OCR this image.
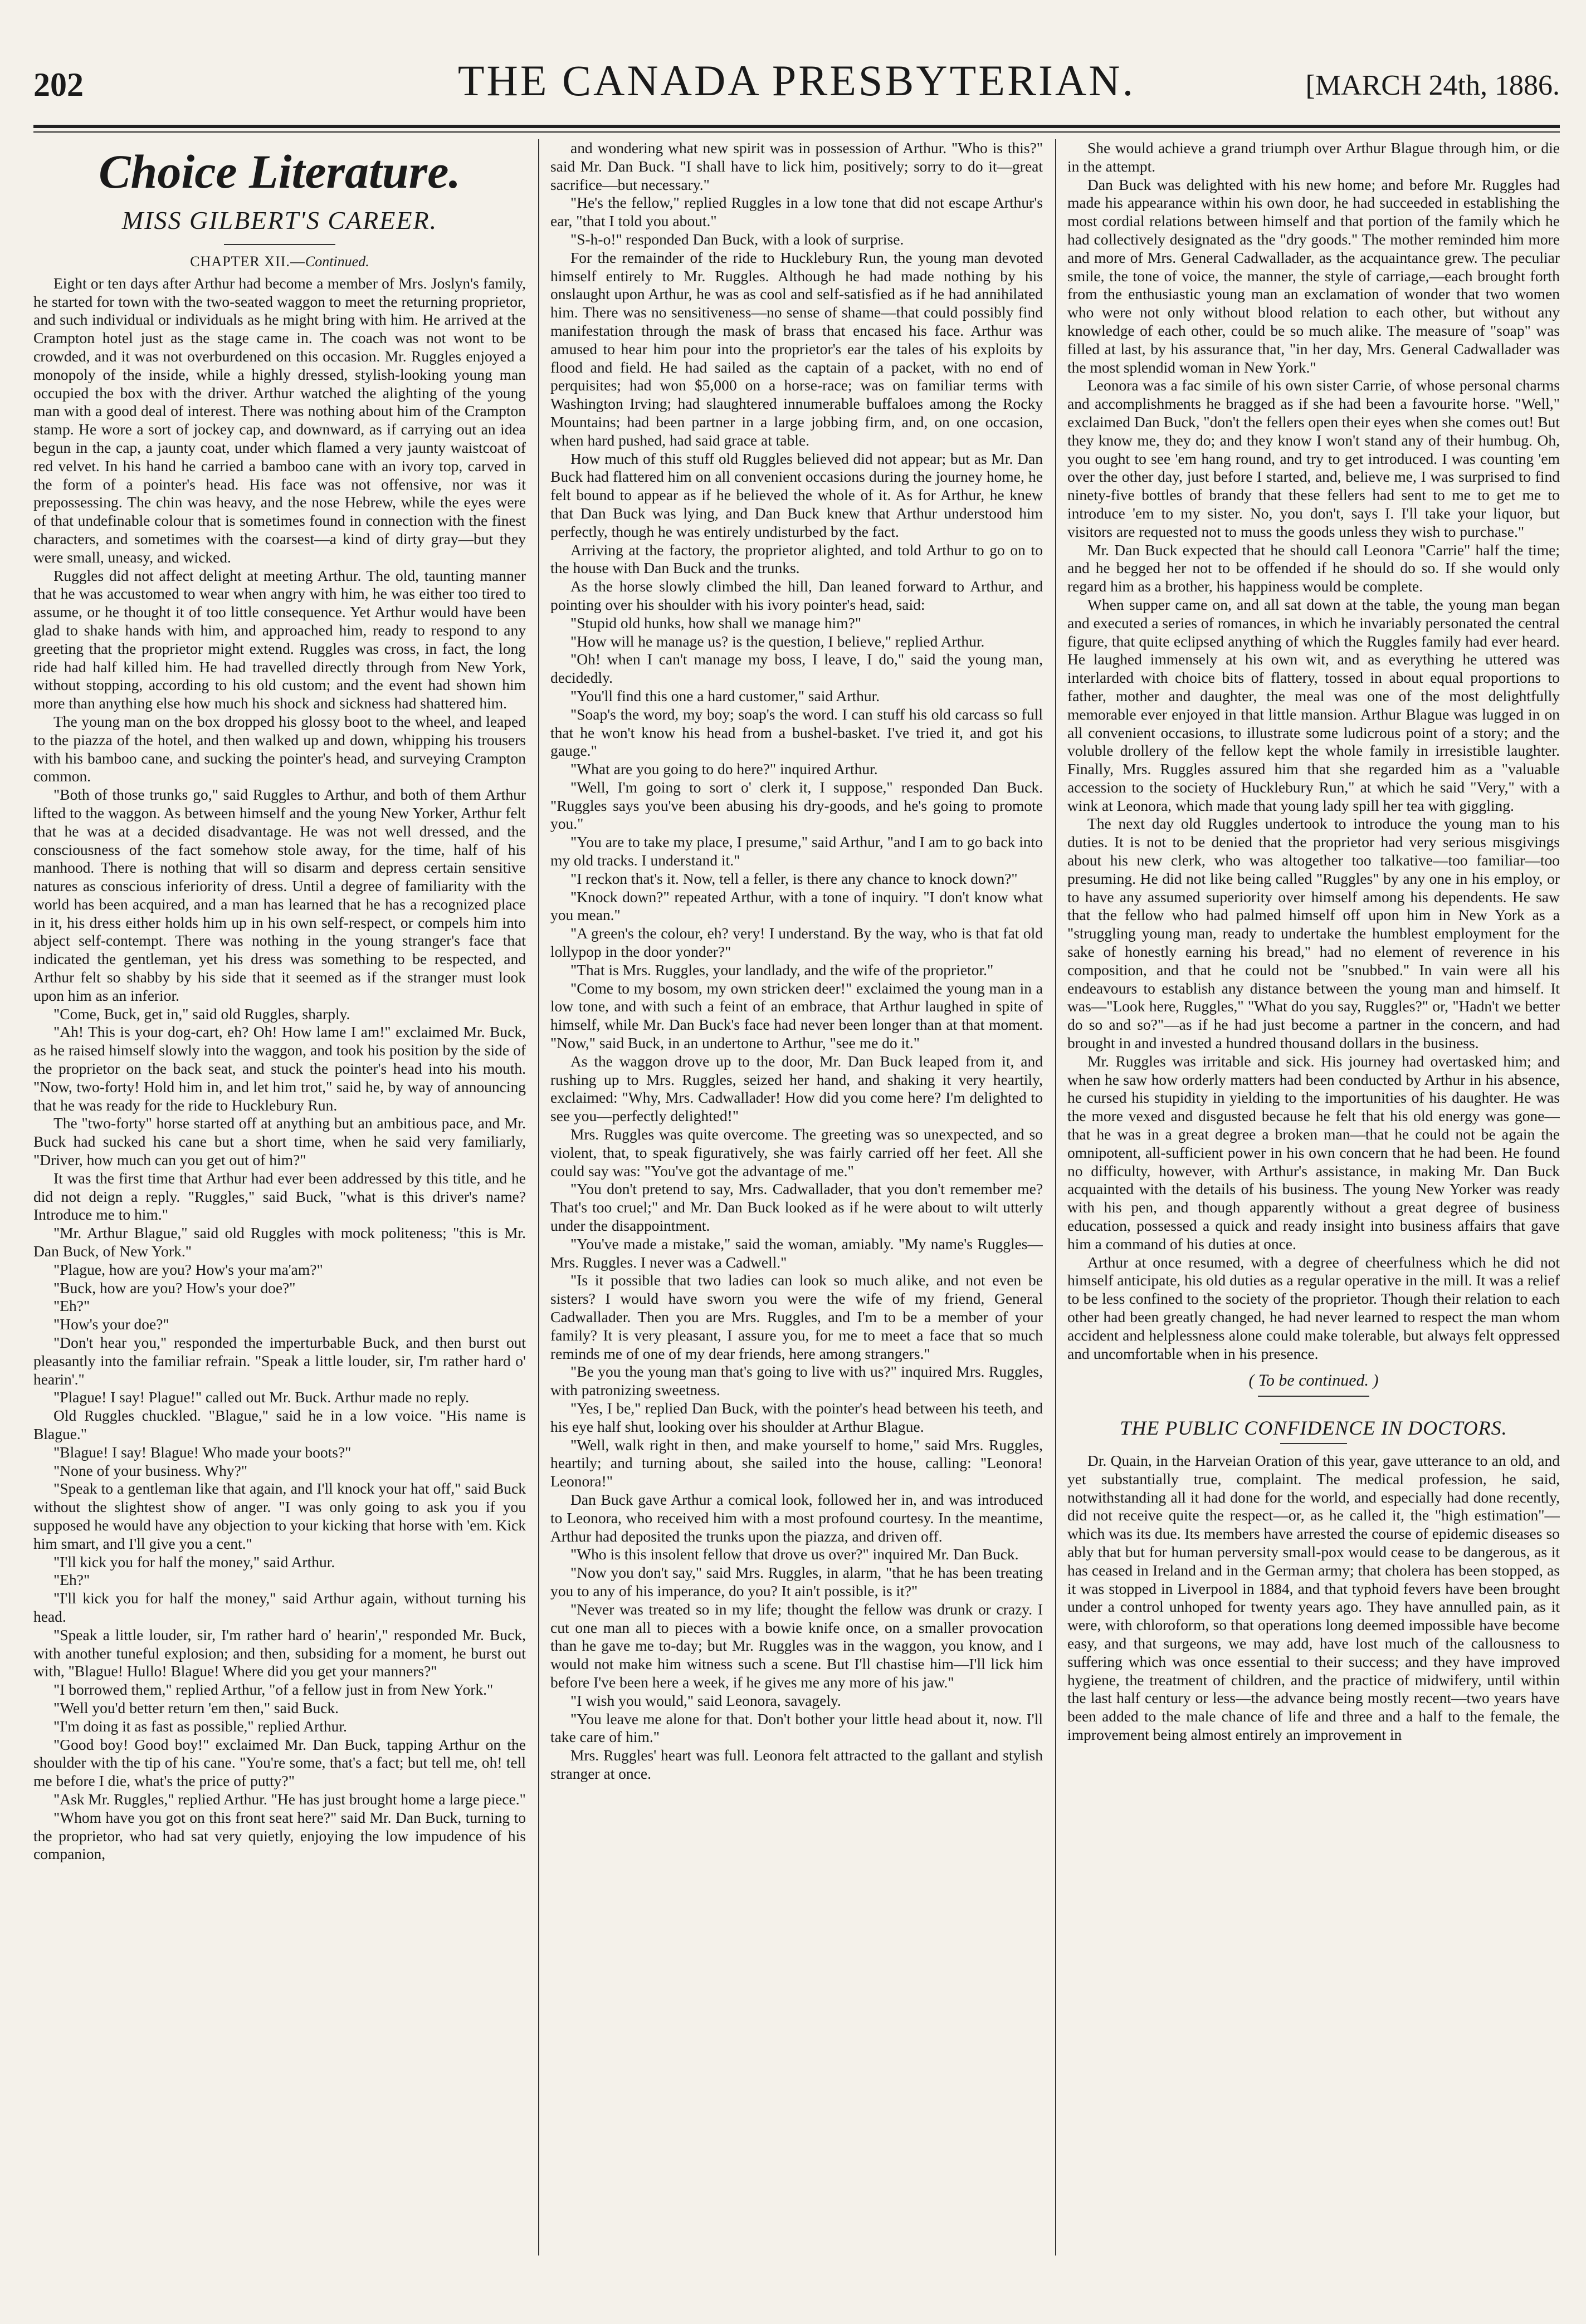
202	THE CANADA PRESBYTERIAN.	[MARCH 24th, 1886.
Choice Literature.
MISS GILBERT'S CAREER.
CHAPTER XII.—Continued.

Eight or ten days after Arthur had become a member of Mrs. Joslyn's family, he started for town with the two-seated waggon to meet the returning proprietor, and such individual or individuals as he might bring with him. He arrived at the Crampton hotel just as the stage came in. The coach was not wont to be crowded, and it was not overburdened on this occasion. Mr. Ruggles enjoyed a monopoly of the inside, while a highly dressed, stylish-looking young man occupied the box with the driver. Arthur watched the alighting of the young man with a good deal of interest. There was nothing about him of the Crampton stamp. He wore a sort of jockey cap, and downward, as if carrying out an idea begun in the cap, a jaunty coat, under which flamed a very jaunty waistcoat of red velvet. In his hand he carried a bamboo cane with an ivory top, carved in the form of a pointer's head. His face was not offensive, nor was it prepossessing. The chin was heavy, and the nose Hebrew, while the eyes were of that undefinable colour that is sometimes found in connection with the finest characters, and sometimes with the coarsest—a kind of dirty gray—but they were small, uneasy, and wicked.

Ruggles did not affect delight at meeting Arthur. The old, taunting manner that he was accustomed to wear when angry with him, he was either too tired to assume, or he thought it of too little consequence. Yet Arthur would have been glad to shake hands with him, and approached him, ready to respond to any greeting that the proprietor might extend. Ruggles was cross, in fact, the long ride had half killed him. He had travelled directly through from New York, without stopping, according to his old custom; and the event had shown him more than anything else how much his shock and sickness had shattered him.

The young man on the box dropped his glossy boot to the wheel, and leaped to the piazza of the hotel, and then walked up and down, whipping his trousers with his bamboo cane, and sucking the pointer's head, and surveying Crampton common.

"Both of those trunks go," said Ruggles to Arthur, and both of them Arthur lifted to the waggon. As between himself and the young New Yorker, Arthur felt that he was at a decided disadvantage. He was not well dressed, and the consciousness of the fact somehow stole away, for the time, half of his manhood. There is nothing that will so disarm and depress certain sensitive natures as conscious inferiority of dress. Until a degree of familiarity with the world has been acquired, and a man has learned that he has a recognized place in it, his dress either holds him up in his own self-respect, or compels him into abject self-contempt. There was nothing in the young stranger's face that indicated the gentleman, yet his dress was something to be respected, and Arthur felt so shabby by his side that it seemed as if the stranger must look upon him as an inferior.

"Come, Buck, get in," said old Ruggles, sharply.

"Ah! This is your dog-cart, eh? Oh! How lame I am!" exclaimed Mr. Buck, as he raised himself slowly into the waggon, and took his position by the side of the proprietor on the back seat, and stuck the pointer's head into his mouth. "Now, two-forty! Hold him in, and let him trot," said he, by way of announcing that he was ready for the ride to Hucklebury Run.

The "two-forty" horse started off at anything but an ambitious pace, and Mr. Buck had sucked his cane but a short time, when he said very familiarly, "Driver, how much can you get out of him?"

It was the first time that Arthur had ever been addressed by this title, and he did not deign a reply. "Ruggles," said Buck, "what is this driver's name? Introduce me to him."

"Mr. Arthur Blague," said old Ruggles with mock politeness; "this is Mr. Dan Buck, of New York."

"Plague, how are you? How's your ma'am?"

"Buck, how are you? How's your doe?"

"Eh?"

"How's your doe?"

"Don't hear you," responded the imperturbable Buck, and then burst out pleasantly into the familiar refrain. "Speak a little louder, sir, I'm rather hard o' hearin'."

"Plague! I say! Plague!" called out Mr. Buck. Arthur made no reply.

Old Ruggles chuckled. "Blague," said he in a low voice. "His name is Blague."

"Blague! I say! Blague! Who made your boots?"

"None of your business. Why?"

"Speak to a gentleman like that again, and I'll knock your hat off," said Buck without the slightest show of anger. "I was only going to ask you if you supposed he would have any objection to your kicking that horse with 'em. Kick him smart, and I'll give you a cent."

"I'll kick you for half the money," said Arthur.

"Eh?"

"I'll kick you for half the money," said Arthur again, without turning his head.

"Speak a little louder, sir, I'm rather hard o' hearin'," responded Mr. Buck, with another tuneful explosion; and then, subsiding for a moment, he burst out with, "Blague! Hullo! Blague! Where did you get your manners?"

"I borrowed them," replied Arthur, "of a fellow just in from New York."

"Well you'd better return 'em then," said Buck.

"I'm doing it as fast as possible," replied Arthur.

"Good boy! Good boy!" exclaimed Mr. Dan Buck, tapping Arthur on the shoulder with the tip of his cane. "You're some, that's a fact; but tell me, oh! tell me before I die, what's the price of putty?"

"Ask Mr. Ruggles," replied Arthur. "He has just brought home a large piece."

"Whom have you got on this front seat here?" said Mr. Dan Buck, turning to the proprietor, who had sat very quietly, enjoying the low impudence of his companion,

and wondering what new spirit was in possession of Arthur. "Who is this?" said Mr. Dan Buck. "I shall have to lick him, positively; sorry to do it—great sacrifice—but necessary."

"He's the fellow," replied Ruggles in a low tone that did not escape Arthur's ear, "that I told you about."

"S-h-o!" responded Dan Buck, with a look of surprise.

For the remainder of the ride to Hucklebury Run, the young man devoted himself entirely to Mr. Ruggles. Although he had made nothing by his onslaught upon Arthur, he was as cool and self-satisfied as if he had annihilated him. There was no sensitiveness—no sense of shame—that could possibly find manifestation through the mask of brass that encased his face. Arthur was amused to hear him pour into the proprietor's ear the tales of his exploits by flood and field. He had sailed as the captain of a packet, with no end of perquisites; had won $5,000 on a horse-race; was on familiar terms with Washington Irving; had slaughtered innumerable buffaloes among the Rocky Mountains; had been partner in a large jobbing firm, and, on one occasion, when hard pushed, had said grace at table.

How much of this stuff old Ruggles believed did not appear; but as Mr. Dan Buck had flattered him on all convenient occasions during the journey home, he felt bound to appear as if he believed the whole of it. As for Arthur, he knew that Dan Buck was lying, and Dan Buck knew that Arthur understood him perfectly, though he was entirely undisturbed by the fact.

Arriving at the factory, the proprietor alighted, and told Arthur to go on to the house with Dan Buck and the trunks.

As the horse slowly climbed the hill, Dan leaned forward to Arthur, and pointing over his shoulder with his ivory pointer's head, said:

"Stupid old hunks, how shall we manage him?"

"How will he manage us? is the question, I believe," replied Arthur.

"Oh! when I can't manage my boss, I leave, I do," said the young man, decidedly.

"You'll find this one a hard customer," said Arthur.

"Soap's the word, my boy; soap's the word. I can stuff his old carcass so full that he won't know his head from a bushel-basket. I've tried it, and got his gauge."

"What are you going to do here?" inquired Arthur.

"Well, I'm going to sort o' clerk it, I suppose," responded Dan Buck. "Ruggles says you've been abusing his dry-goods, and he's going to promote you."

"You are to take my place, I presume," said Arthur, "and I am to go back into my old tracks. I understand it."

"I reckon that's it. Now, tell a feller, is there any chance to knock down?"

"Knock down?" repeated Arthur, with a tone of inquiry. "I don't know what you mean."

"A green's the colour, eh? very! I understand. By the way, who is that fat old lollypop in the door yonder?"

"That is Mrs. Ruggles, your landlady, and the wife of the proprietor."

"Come to my bosom, my own stricken deer!" exclaimed the young man in a low tone, and with such a feint of an embrace, that Arthur laughed in spite of himself, while Mr. Dan Buck's face had never been longer than at that moment. "Now," said Buck, in an undertone to Arthur, "see me do it."

As the waggon drove up to the door, Mr. Dan Buck leaped from it, and rushing up to Mrs. Ruggles, seized her hand, and shaking it very heartily, exclaimed: "Why, Mrs. Cadwallader! How did you come here? I'm delighted to see you—perfectly delighted!"

Mrs. Ruggles was quite overcome. The greeting was so unexpected, and so violent, that, to speak figuratively, she was fairly carried off her feet. All she could say was: "You've got the advantage of me."

"You don't pretend to say, Mrs. Cadwallader, that you don't remember me? That's too cruel;" and Mr. Dan Buck looked as if he were about to wilt utterly under the disappointment.

"You've made a mistake," said the woman, amiably. "My name's Ruggles—Mrs. Ruggles. I never was a Cadwell."

"Is it possible that two ladies can look so much alike, and not even be sisters? I would have sworn you were the wife of my friend, General Cadwallader. Then you are Mrs. Ruggles, and I'm to be a member of your family? It is very pleasant, I assure you, for me to meet a face that so much reminds me of one of my dear friends, here among strangers."

"Be you the young man that's going to live with us?" inquired Mrs. Ruggles, with patronizing sweetness.

"Yes, I be," replied Dan Buck, with the pointer's head between his teeth, and his eye half shut, looking over his shoulder at Arthur Blague.

"Well, walk right in then, and make yourself to home," said Mrs. Ruggles, heartily; and turning about, she sailed into the house, calling: "Leonora! Leonora!"

Dan Buck gave Arthur a comical look, followed her in, and was introduced to Leonora, who received him with a most profound courtesy. In the meantime, Arthur had deposited the trunks upon the piazza, and driven off.

"Who is this insolent fellow that drove us over?" inquired Mr. Dan Buck.

"Now you don't say," said Mrs. Ruggles, in alarm, "that he has been treating you to any of his imperance, do you? It ain't possible, is it?"

"Never was treated so in my life; thought the fellow was drunk or crazy. I cut one man all to pieces with a bowie knife once, on a smaller provocation than he gave me to-day; but Mr. Ruggles was in the waggon, you know, and I would not make him witness such a scene. But I'll chastise him—I'll lick him before I've been here a week, if he gives me any more of his jaw."

"I wish you would," said Leonora, savagely.

"You leave me alone for that. Don't bother your little head about it, now. I'll take care of him."

Mrs. Ruggles' heart was full. Leonora felt attracted to the gallant and stylish stranger at once.

She would achieve a grand triumph over Arthur Blague through him, or die in the attempt.

Dan Buck was delighted with his new home; and before Mr. Ruggles had made his appearance within his own door, he had succeeded in establishing the most cordial relations between himself and that portion of the family which he had collectively designated as the "dry goods." The mother reminded him more and more of Mrs. General Cadwallader, as the acquaintance grew. The peculiar smile, the tone of voice, the manner, the style of carriage,—each brought forth from the enthusiastic young man an exclamation of wonder that two women who were not only without blood relation to each other, but without any knowledge of each other, could be so much alike. The measure of "soap" was filled at last, by his assurance that, "in her day, Mrs. General Cadwallader was the most splendid woman in New York."

Leonora was a fac simile of his own sister Carrie, of whose personal charms and accomplishments he bragged as if she had been a favourite horse. "Well," exclaimed Dan Buck, "don't the fellers open their eyes when she comes out! But they know me, they do; and they know I won't stand any of their humbug. Oh, you ought to see 'em hang round, and try to get introduced. I was counting 'em over the other day, just before I started, and, believe me, I was surprised to find ninety-five bottles of brandy that these fellers had sent to me to get me to introduce 'em to my sister. No, you don't, says I. I'll take your liquor, but visitors are requested not to muss the goods unless they wish to purchase."

Mr. Dan Buck expected that he should call Leonora "Carrie" half the time; and he begged her not to be offended if he should do so. If she would only regard him as a brother, his happiness would be complete.

When supper came on, and all sat down at the table, the young man began and executed a series of romances, in which he invariably personated the central figure, that quite eclipsed anything of which the Ruggles family had ever heard. He laughed immensely at his own wit, and as everything he uttered was interlarded with choice bits of flattery, tossed in about equal proportions to father, mother and daughter, the meal was one of the most delightfully memorable ever enjoyed in that little mansion. Arthur Blague was lugged in on all convenient occasions, to illustrate some ludicrous point of a story; and the voluble drollery of the fellow kept the whole family in irresistible laughter. Finally, Mrs. Ruggles assured him that she regarded him as a "valuable accession to the society of Hucklebury Run," at which he said "Very," with a wink at Leonora, which made that young lady spill her tea with giggling.

The next day old Ruggles undertook to introduce the young man to his duties. It is not to be denied that the proprietor had very serious misgivings about his new clerk, who was altogether too talkative—too familiar—too presuming. He did not like being called "Ruggles" by any one in his employ, or to have any assumed superiority over himself among his dependents. He saw that the fellow who had palmed himself off upon him in New York as a "struggling young man, ready to undertake the humblest employment for the sake of honestly earning his bread," had no element of reverence in his composition, and that he could not be "snubbed." In vain were all his endeavours to establish any distance between the young man and himself. It was—"Look here, Ruggles," "What do you say, Ruggles?" or, "Hadn't we better do so and so?"—as if he had just become a partner in the concern, and had brought in and invested a hundred thousand dollars in the business.

Mr. Ruggles was irritable and sick. His journey had overtasked him; and when he saw how orderly matters had been conducted by Arthur in his absence, he cursed his stupidity in yielding to the importunities of his daughter. He was the more vexed and disgusted because he felt that his old energy was gone—that he was in a great degree a broken man—that he could not be again the omnipotent, all-sufficient power in his own concern that he had been. He found no difficulty, however, with Arthur's assistance, in making Mr. Dan Buck acquainted with the details of his business. The young New Yorker was ready with his pen, and though apparently without a great degree of business education, possessed a quick and ready insight into business affairs that gave him a command of his duties at once.

Arthur at once resumed, with a degree of cheerfulness which he did not himself anticipate, his old duties as a regular operative in the mill. It was a relief to be less confined to the society of the proprietor. Though their relation to each other had been greatly changed, he had never learned to respect the man whom accident and helplessness alone could make tolerable, but always felt oppressed and uncomfortable when in his presence.

( To be continued. )
THE PUBLIC CONFIDENCE IN DOCTORS.

Dr. Quain, in the Harveian Oration of this year, gave utterance to an old, and yet substantially true, complaint. The medical profession, he said, notwithstanding all it had done for the world, and especially had done recently, did not receive quite the respect—or, as he called it, the "high estimation"—which was its due. Its members have arrested the course of epidemic diseases so ably that but for human perversity small-pox would cease to be dangerous, as it has ceased in Ireland and in the German army; that cholera has been stopped, as it was stopped in Liverpool in 1884, and that typhoid fevers have been brought under a control unhoped for twenty years ago. They have annulled pain, as it were, with chloroform, so that operations long deemed impossible have become easy, and that surgeons, we may add, have lost much of the callousness to suffering which was once essential to their success; and they have improved hygiene, the treatment of children, and the practice of midwifery, until within the last half century or less—the advance being mostly recent—two years have been added to the male chance of life and three and a half to the female, the improvement being almost entirely an improvement in
